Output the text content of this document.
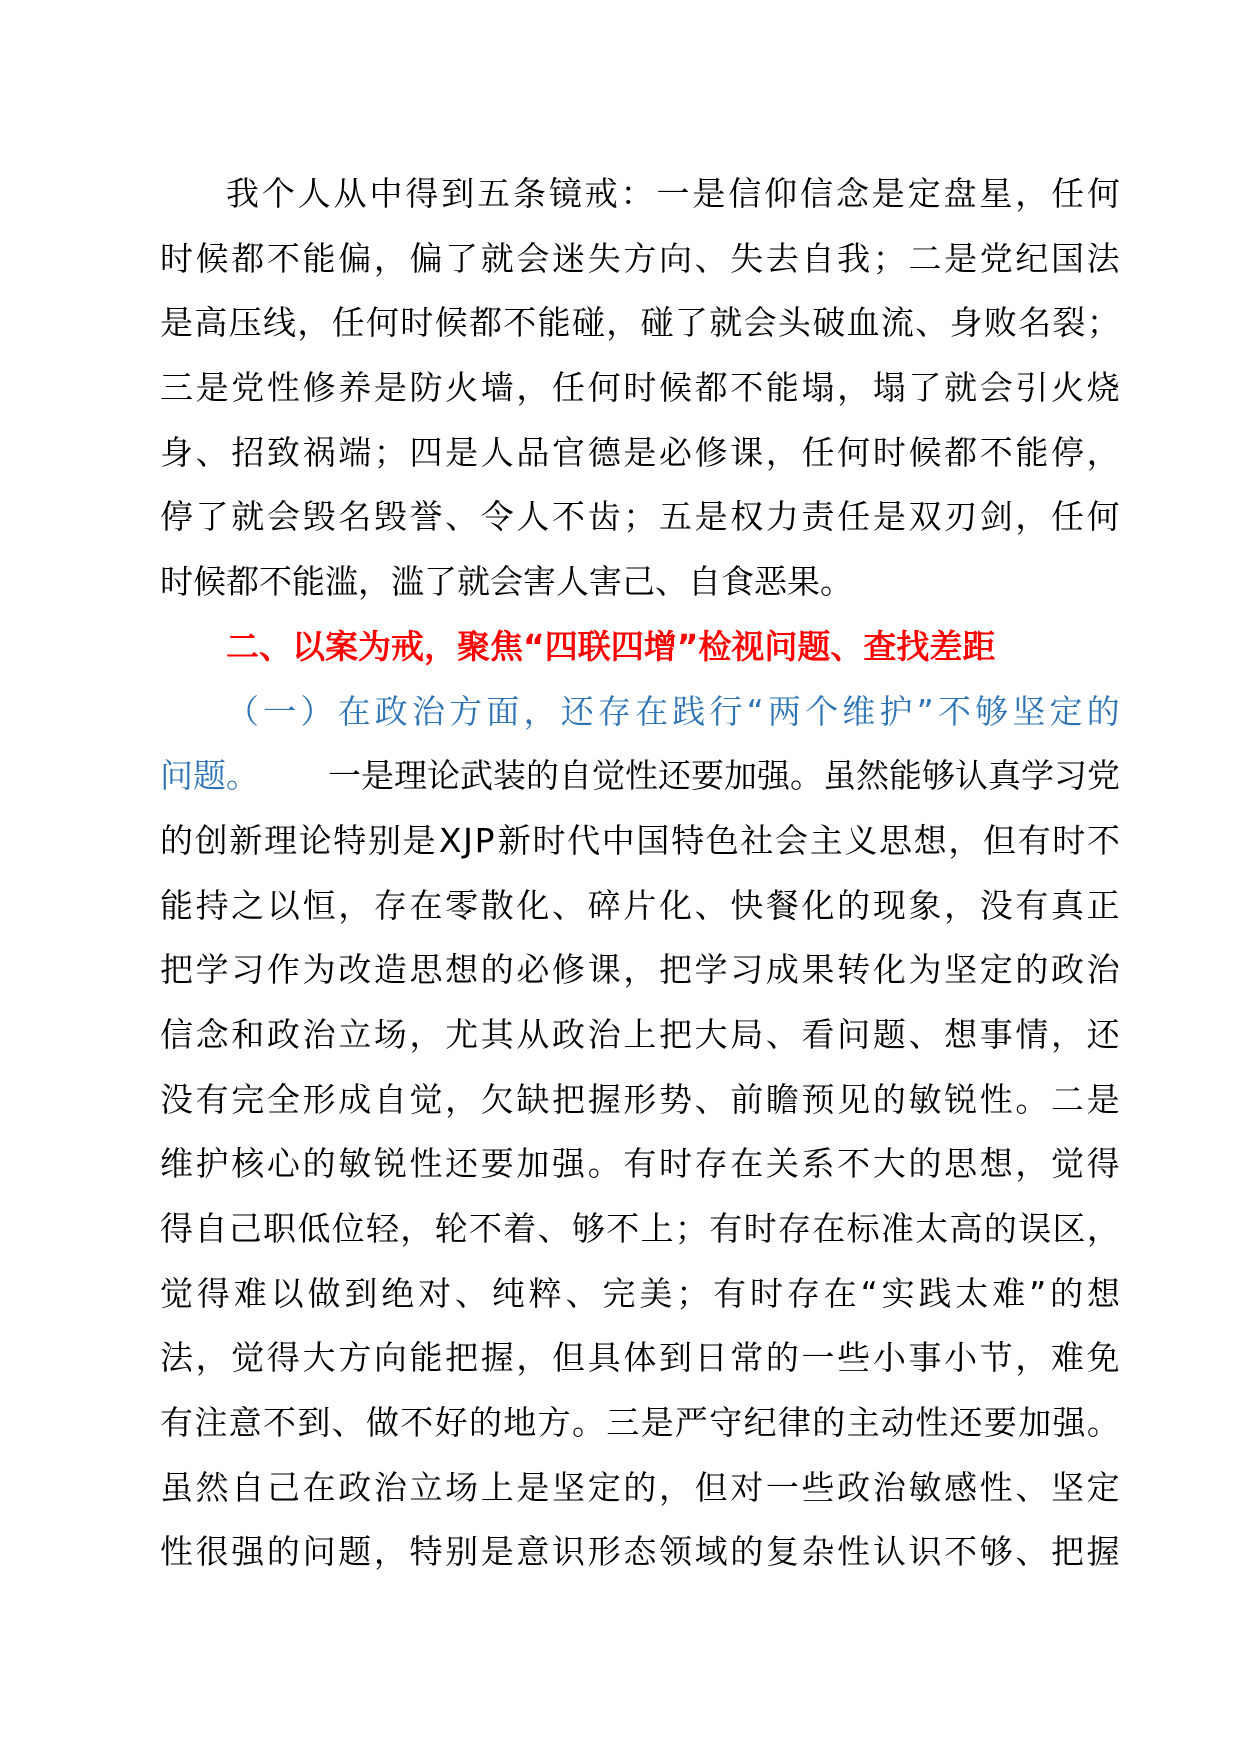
我 个 人 从 中 得 到 五 条 镜 戒 ： 一 是 信 仰 信 念 是 定 盘 星 ， 任 何
时 候 都 不 能 偏 ， 偏 了 就 会 迷 失 方 向 、 失 去 自 我 ； 二 是 党 纪 国 法
是 高 压 线 ， 任 何 时 候 都 不 能 碰 ， 碰 了 就 会 头 破 血 流 、 身 败 名 裂 ；
三 是 党 性 修 养 是 防 火 墙 ， 任 何 时 候 都 不 能 塌 ， 塌 了 就 会 引 火 烧
身 、 招 致 祸 端 ； 四 是 人 品 官 德 是 必 修 课 ， 任 何 时 候 都 不 能 停 ，
停 了 就 会 毁 名 毁 誉 、 令 人 不 齿 ； 五 是 权 力 责 任 是 双 刃 剑 ， 任 何
时候都不能滥，滥了就会害人害己、自食恶果。
二、以案为戒，聚焦“四联四增”检视问题、查找差距
（ 一 ） 在 政 治 方 面 ， 还 存 在 践 行 “ 两 个 维 护 ” 不 够 坚 定 的
问题。 一是理论武装的自觉性还要加强。虽然能够认真学习党
的 创 新 理 论 特 别 是 X J P 新 时 代 中 国 特 色 社 会 主 义 思 想 ， 但 有 时 不
能 持 之 以 恒 ， 存 在 零 散 化 、 碎 片 化 、 快 餐 化 的 现 象 ， 没 有 真 正
把 学 习 作 为 改 造 思 想 的 必 修 课 ， 把 学 习 成 果 转 化 为 坚 定 的 政 治
信 念 和 政 治 立 场 ， 尤 其 从 政 治 上 把 大 局 、 看 问 题 、 想 事 情 ， 还
没 有 完 全 形 成 自 觉 ， 欠 缺 把 握 形 势 、 前 瞻 预 见 的 敏 锐 性 。 二 是
维 护 核 心 的 敏 锐 性 还 要 加 强 。 有 时 存 在 关 系 不 大 的 思 想 ， 觉 得
得 自 己 职 低 位 轻 ， 轮 不 着 、 够 不 上 ； 有 时 存 在 标 准 太 高 的 误 区 ，
觉 得 难 以 做 到 绝 对 、 纯 粹 、 完 美 ； 有 时 存 在 “ 实 践 太 难 ” 的 想
法 ， 觉 得 大 方 向 能 把 握 ， 但 具 体 到 日 常 的 一 些 小 事 小 节 ， 难 免
有 注 意 不 到 、 做 不 好 的 地 方 。 三 是 严 守 纪 律 的 主 动 性 还 要 加 强 。
虽 然 自 己 在 政 治 立 场 上 是 坚 定 的 ， 但 对 一 些 政 治 敏 感 性 、 坚 定
性 很 强 的 问 题 ， 特 别 是 意 识 形 态 领 域 的 复 杂 性 认 识 不 够 、 把 握
